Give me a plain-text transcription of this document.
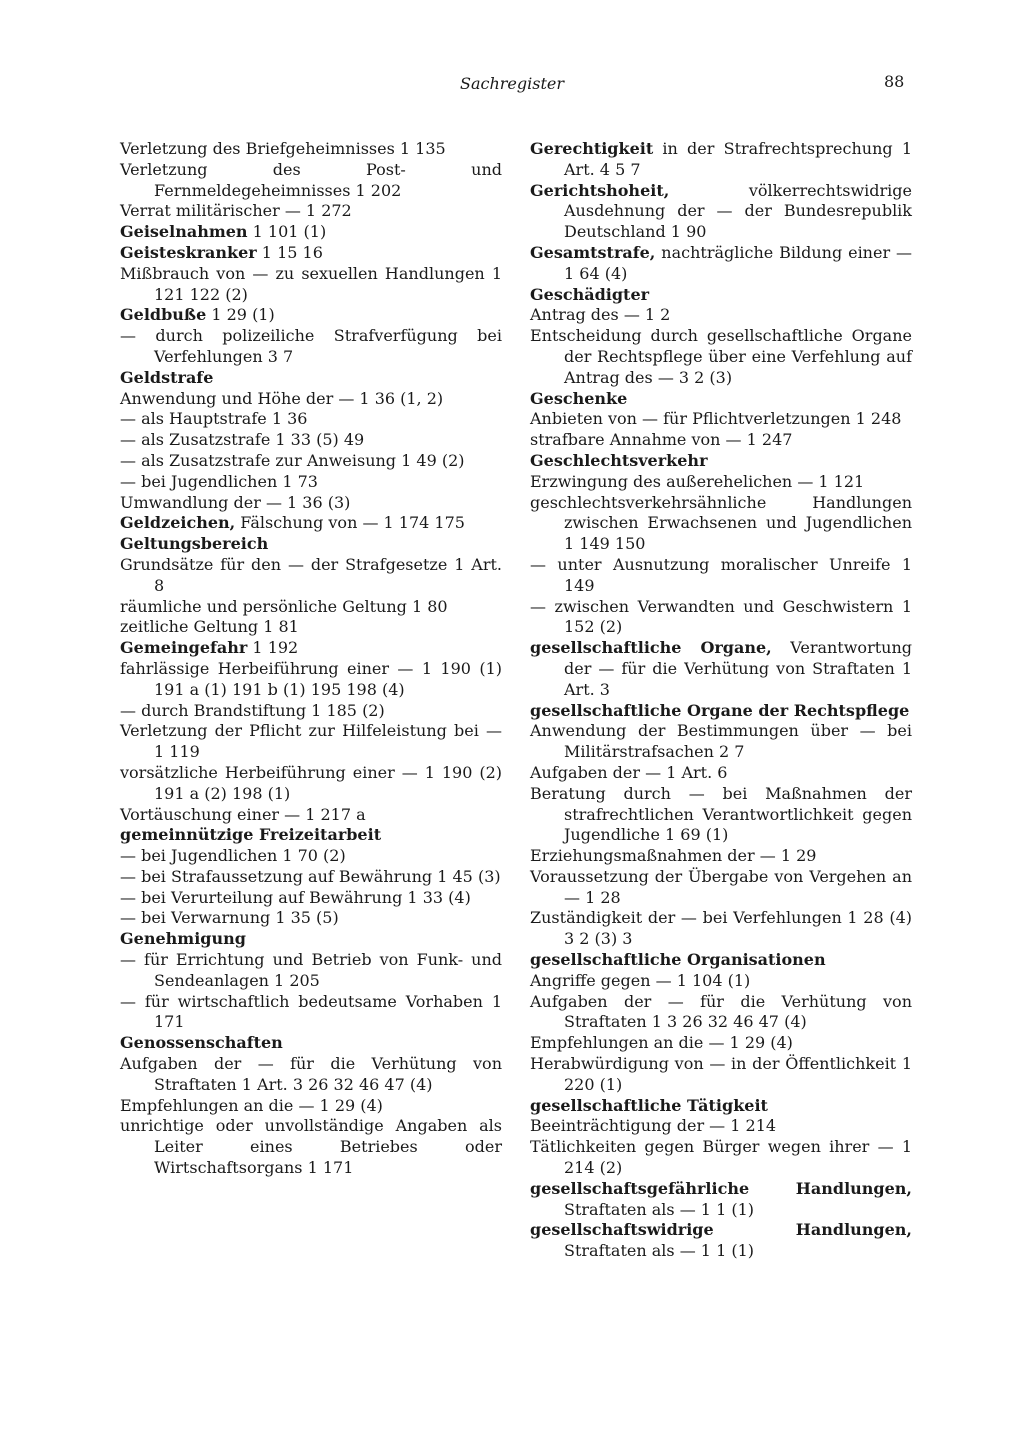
Sachregister	88

Verletzung des Briefgeheimnisses 1 135

Verletzung des Post- und Fernmeldegeheimnisses 1 202

Verrat militärischer — 1 272

Geiselnahmen 1 101 (1)

Geisteskranker 1 15 16

Mißbrauch von — zu sexuellen Handlungen 1 121 122 (2)

Geldbuße 1 29 (1)

— durch polizeiliche Strafverfügung bei Verfehlungen 3 7

Geldstrafe

Anwendung und Höhe der — 1 36 (1, 2)

— als Hauptstrafe 1 36

— als Zusatzstrafe 1 33 (5) 49

— als Zusatzstrafe zur Anweisung 1 49 (2)

— bei Jugendlichen 1 73

Umwandlung der — 1 36 (3)

Geldzeichen, Fälschung von — 1 174 175

Geltungsbereich

Grundsätze für den — der Strafgesetze 1 Art. 8

räumliche und persönliche Geltung 1 80

zeitliche Geltung 1 81

Gemeingefahr 1 192

fahrlässige Herbeiführung einer — 1 190 (1) 191 a (1) 191 b (1) 195 198 (4)

— durch Brandstiftung 1 185 (2)

Verletzung der Pflicht zur Hilfeleistung bei — 1 119

vorsätzliche Herbeiführung einer — 1 190 (2) 191 a (2) 198 (1)

Vortäuschung einer — 1 217 a

gemeinnützige Freizeitarbeit

— bei Jugendlichen 1 70 (2)

— bei Strafaussetzung auf Bewährung 1 45 (3)

— bei Verurteilung auf Bewährung 1 33 (4)

— bei Verwarnung 1 35 (5)

Genehmigung

— für Errichtung und Betrieb von Funk- und Sendeanlagen 1 205

— für wirtschaftlich bedeutsame Vorhaben 1 171

Genossenschaften

Aufgaben der — für die Verhütung von Straftaten 1 Art. 3 26 32 46 47 (4)

Empfehlungen an die — 1 29 (4)

unrichtige oder unvollständige Angaben als Leiter eines Betriebes oder Wirtschaftsorgans 1 171

Gerechtigkeit in der Strafrechtsprechung 1 Art. 4 5 7

Gerichtshoheit, völkerrechtswidrige Ausdehnung der — der Bundesrepublik Deutschland 1 90

Gesamtstrafe, nachträgliche Bildung einer — 1 64 (4)

Geschädigter

Antrag des — 1 2

Entscheidung durch gesellschaftliche Organe der Rechtspflege über eine Verfehlung auf Antrag des — 3 2 (3)

Geschenke

Anbieten von — für Pflichtverletzungen 1 248

strafbare Annahme von — 1 247

Geschlechtsverkehr

Erzwingung des außerehelichen — 1 121

geschlechtsverkehrsähnliche Handlungen zwischen Erwachsenen und Jugendlichen 1 149 150

— unter Ausnutzung moralischer Unreife 1 149

— zwischen Verwandten und Geschwistern 1 152 (2)

gesellschaftliche Organe, Verantwortung der — für die Verhütung von Straftaten 1 Art. 3

gesellschaftliche Organe der Rechtspflege

Anwendung der Bestimmungen über — bei Militärstrafsachen 2 7

Aufgaben der — 1 Art. 6

Beratung durch — bei Maßnahmen der strafrechtlichen Verantwortlichkeit gegen Jugendliche 1 69 (1)

Erziehungsmaßnahmen der — 1 29

Voraussetzung der Übergabe von Vergehen an — 1 28

Zuständigkeit der — bei Verfehlungen 1 28 (4) 3 2 (3) 3

gesellschaftliche Organisationen

Angriffe gegen — 1 104 (1)

Aufgaben der — für die Verhütung von Straftaten 1 3 26 32 46 47 (4)

Empfehlungen an die — 1 29 (4)

Herabwürdigung von — in der Öffentlichkeit 1 220 (1)

gesellschaftliche Tätigkeit

Beeinträchtigung der — 1 214

Tätlichkeiten gegen Bürger wegen ihrer — 1 214 (2)

gesellschaftsgefährliche Handlungen, Straftaten als — 1 1 (1)

gesellschaftswidrige Handlungen, Straftaten als — 1 1 (1)
